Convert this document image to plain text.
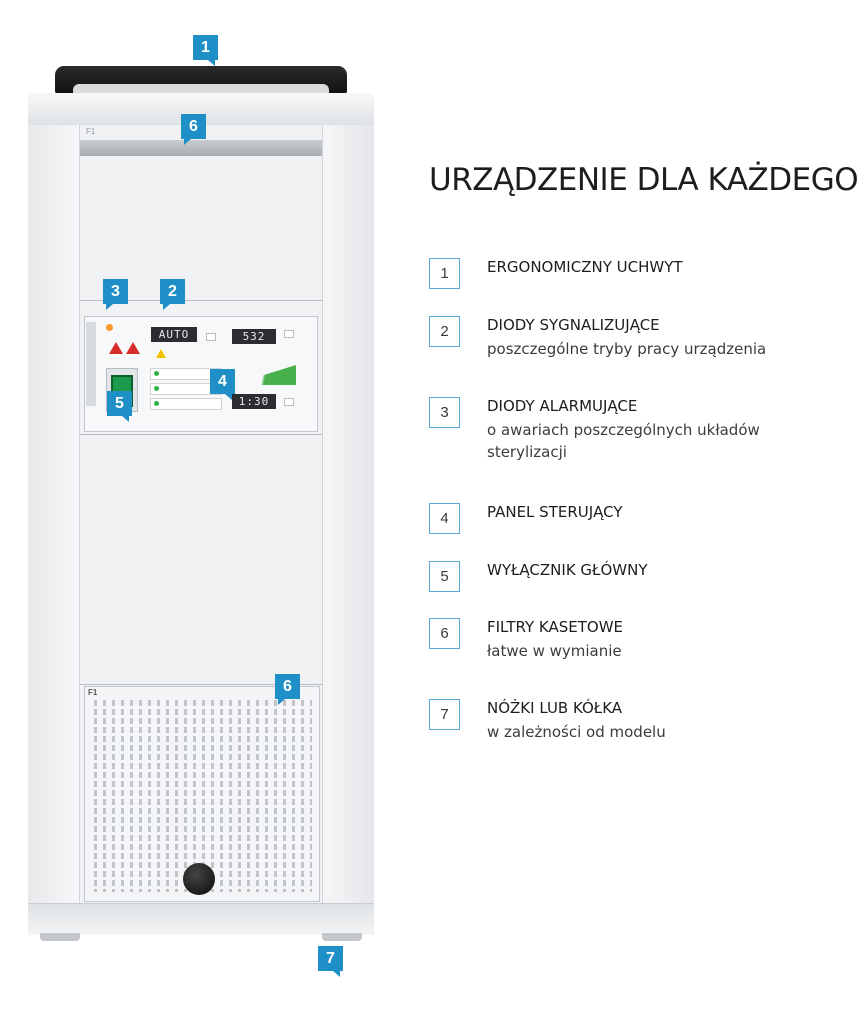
F1
AUTO	532
1:30
F1
1
6
3	2
4
5
6
7
URZĄDZENIE DLA KAŻDEGO
1	ERGONOMICZNY UCHWYT
2	DIODY SYGNALIZUJĄCE
poszczególne tryby pracy urządzenia
3	DIODY ALARMUJĄCE
o awariach poszczególnych układów sterylizacji
4	PANEL STERUJĄCY
5	WYŁĄCZNIK GŁÓWNY
6	FILTRY KASETOWE
łatwe w wymianie
7	NÓŻKI LUB KÓŁKA
w zależności od modelu
